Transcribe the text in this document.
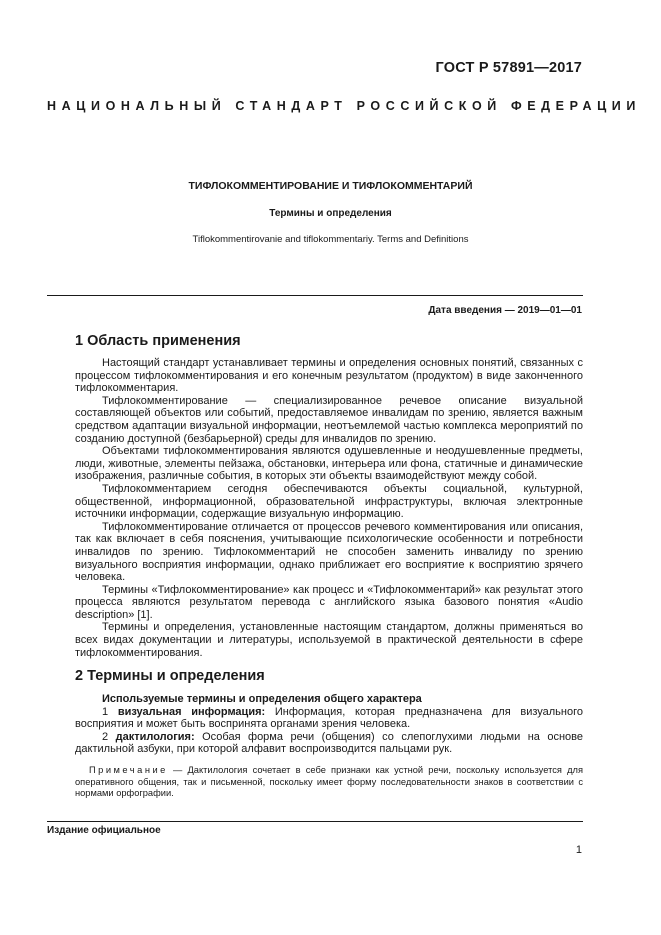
ГОСТ Р 57891—2017
НАЦИОНАЛЬНЫЙ СТАНДАРТ РОССИЙСКОЙ ФЕДЕРАЦИИ
ТИФЛОКОММЕНТИРОВАНИЕ И ТИФЛОКОММЕНТАРИЙ
Термины и определения
Tiflokommentirovanie and tiflokommentariy. Terms and Definitions
Дата введения — 2019—01—01
1 Область применения

Настоящий стандарт устанавливает термины и определения основных понятий, связанных с процессом тифлокомментирования и его конечным результатом (продуктом) в виде законченного тифлокомментария.

Тифлокомментирование — специализированное речевое описание визуальной составляющей объектов или событий, предоставляемое инвалидам по зрению, является важным средством адаптации визуальной информации, неотъемлемой частью комплекса мероприятий по созданию доступной (безбарьерной) среды для инвалидов по зрению.

Объектами тифлокомментирования являются одушевленные и неодушевленные предметы, люди, животные, элементы пейзажа, обстановки, интерьера или фона, статичные и динамические изображения, различные события, в которых эти объекты взаимодействуют между собой.

Тифлокомментарием сегодня обеспечиваются объекты социальной, культурной, общественной, информационной, образовательной инфраструктуры, включая электронные источники информации, содержащие визуальную информацию.

Тифлокомментирование отличается от процессов речевого комментирования или описания, так как включает в себя пояснения, учитывающие психологические особенности и потребности инвалидов по зрению. Тифлокомментарий не способен заменить инвалиду по зрению визуального восприятия информации, однако приближает его восприятие к восприятию зрячего человека.

Термины «Тифлокомментирование» как процесс и «Тифлокомментарий» как результат этого процесса являются результатом перевода с английского языка базового понятия «Audio description» [1].

Термины и определения, установленные настоящим стандартом, должны применяться во всех видах документации и литературы, используемой в практической деятельности в сфере тифлокомментирования.

2 Термины и определения

Используемые термины и определения общего характера

1 визуальная информация: Информация, которая предназначена для визуального восприятия и может быть воспринята органами зрения человека.

2 дактилология: Особая форма речи (общения) со слепоглухими людьми на основе дактильной азбуки, при которой алфавит воспроизводится пальцами рук.

Примечание — Дактилология сочетает в себе признаки как устной речи, поскольку используется для оперативного общения, так и письменной, поскольку имеет форму последовательности знаков в соответствии с нормами орфографии.

Издание официальное
1
